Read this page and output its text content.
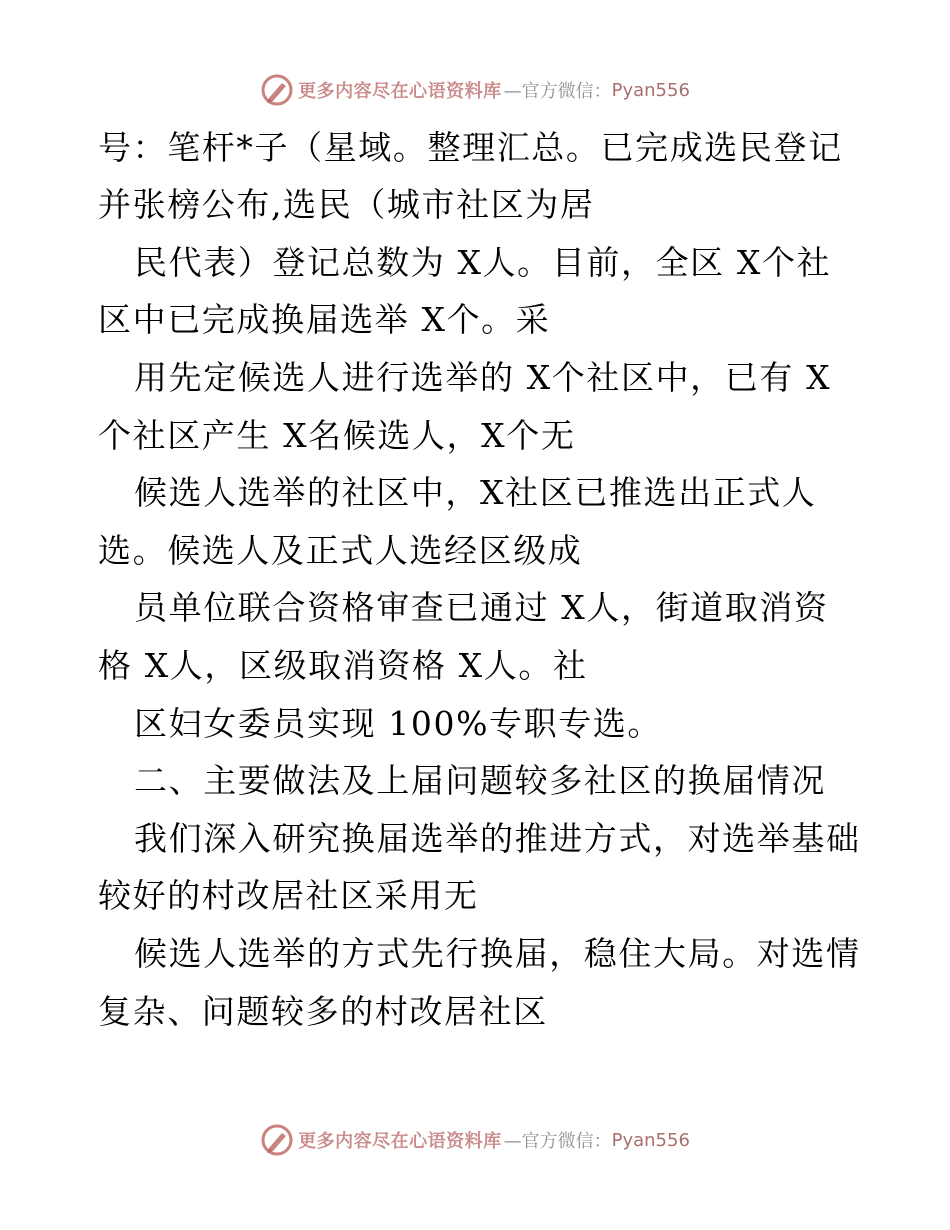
更多内容尽在心语资料库 —官方微信： Pyan556
号：笔杆*子（星域。整理汇总。已完成选民登记
并张榜公布,选民（城市社区为居
民代表）登记总数为 X人。目前，全区 X个社
区中已完成换届选举 X个。采
用先定候选人进行选举的 X个社区中，已有 X
个社区产生 X名候选人，X个无
候选人选举的社区中，X社区已推选出正式人
选。候选人及正式人选经区级成
员单位联合资格审查已通过 X人，街道取消资
格 X人，区级取消资格 X人。社
区妇女委员实现 100%专职专选。
二、主要做法及上届问题较多社区的换届情况
我们深入研究换届选举的推进方式，对选举基础
较好的村改居社区采用无
候选人选举的方式先行换届，稳住大局。对选情
复杂、问题较多的村改居社区
更多内容尽在心语资料库 —官方微信： Pyan556
